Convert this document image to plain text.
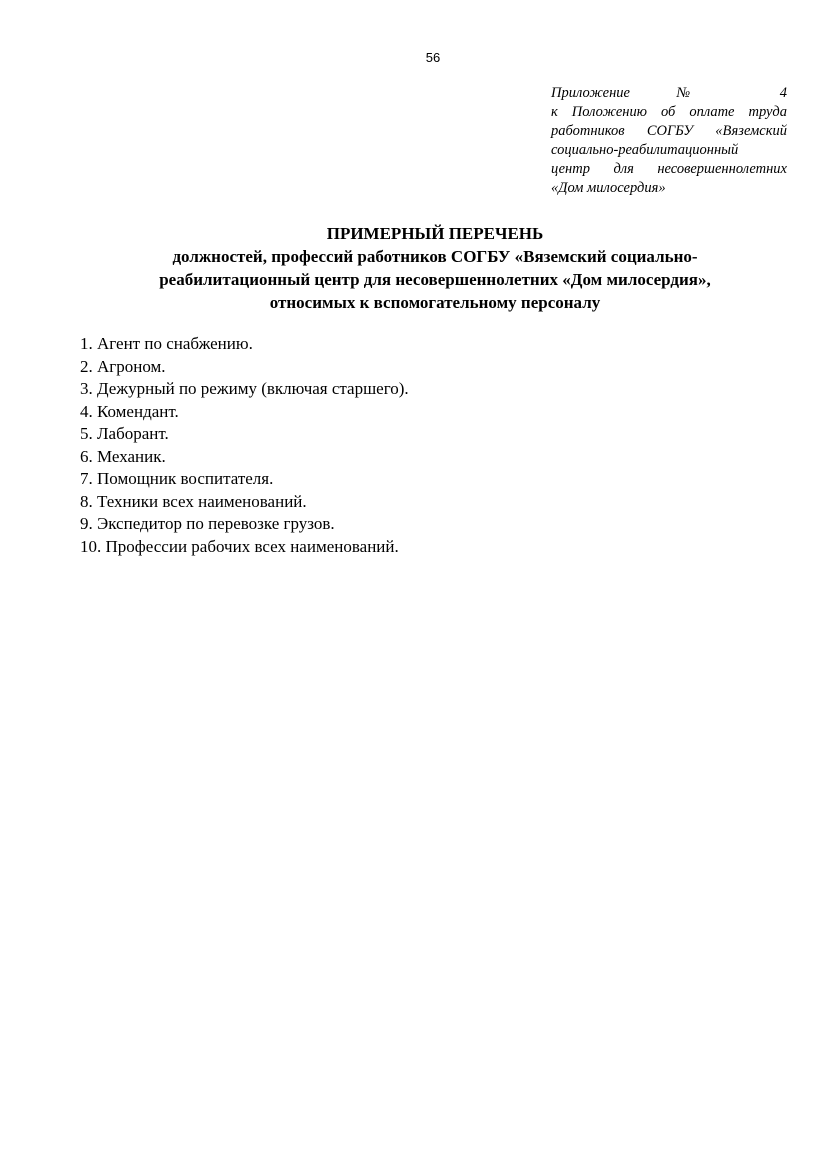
56
Приложение № 4
к Положению об оплате труда
работников СОГБУ «Вяземский
социально-реабилитационный
центр для несовершеннолетних
«Дом милосердия»
ПРИМЕРНЫЙ ПЕРЕЧЕНЬ
должностей, профессий работников СОГБУ «Вяземский социально-
реабилитационный центр для несовершеннолетних «Дом милосердия»,
относимых к вспомогательному персоналу
1. Агент по снабжению.
2. Агроном.
3. Дежурный по режиму (включая старшего).
4. Комендант.
5. Лаборант.
6. Механик.
7. Помощник воспитателя.
8. Техники всех наименований.
9. Экспедитор по перевозке грузов.
10. Профессии рабочих всех наименований.
